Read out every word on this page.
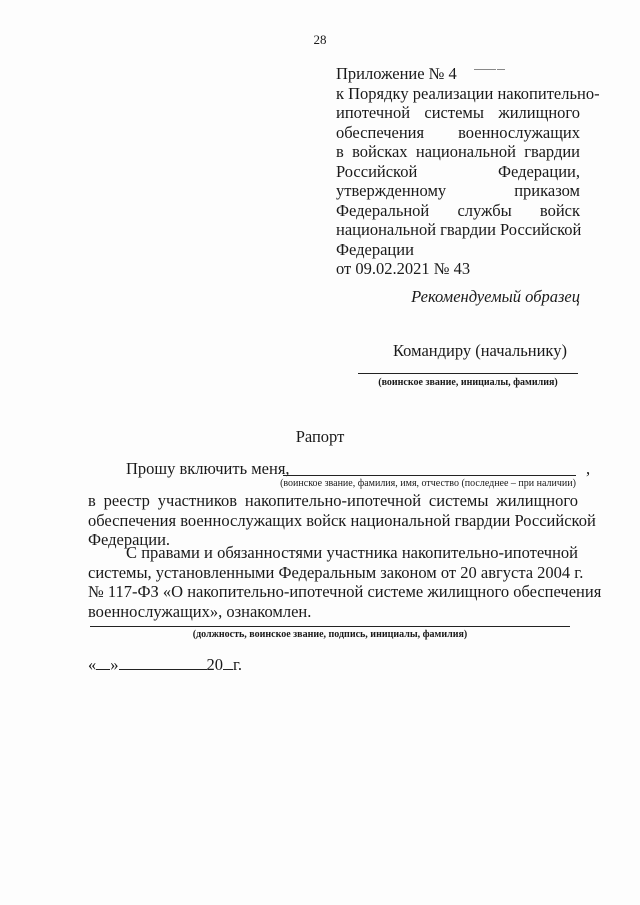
28
Приложение № 4
к Порядку реализации накопительно-
ипотечной системы жилищного
обеспечения военнослужащих
в войсках национальной гвардии
Российской Федерации,
утвержденному приказом
Федеральной службы войск
национальной гвардии Российской
Федерации
от 09.02.2021 № 43
Рекомендуемый образец
Командиру (начальнику)
(воинское звание, инициалы, фамилия)
Рапорт
Прошу включить меня,	,
(воинское звание, фамилия, имя, отчество (последнее – при наличии)
в реестр участников накопительно-ипотечной системы жилищного
обеспечения военнослужащих войск национальной гвардии Российской
Федерации.
С правами и обязанностями участника накопительно-ипотечной
системы, установленными Федеральным законом от 20 августа 2004 г.
№ 117-ФЗ «О накопительно-ипотечной системе жилищного обеспечения
военнослужащих», ознакомлен.
(должность, воинское звание, подпись, инициалы, фамилия)
« »	20 г.
